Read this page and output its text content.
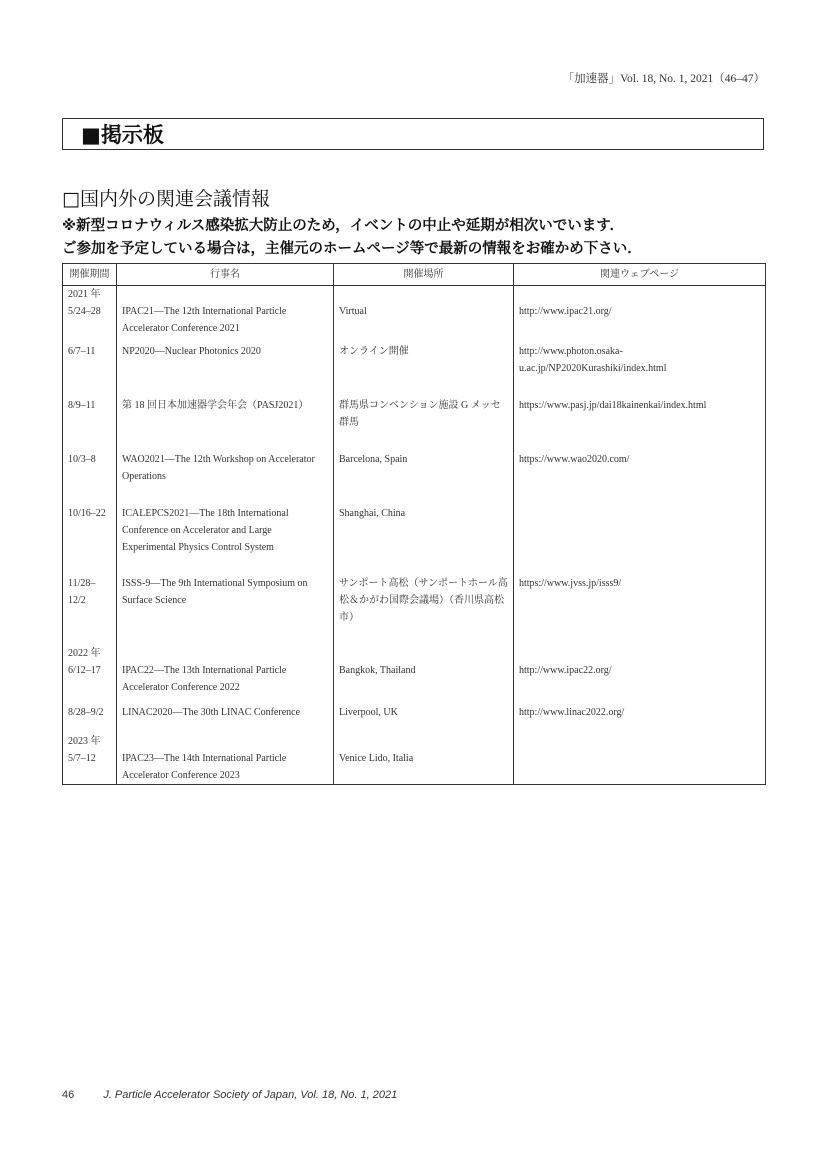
「加速器」Vol. 18, No. 1, 2021（46–47）
■掲示板
□国内外の関連会議情報
※新型コロナウィルス感染拡大防止のため，イベントの中止や延期が相次いでいます．
ご参加を予定している場合は，主催元のホームページ等で最新の情報をお確かめ下さい．
開催期間	行事名	開催場所	関連ウェブページ

2021 年
5/24–28	IPAC21—The 12th International Particle Accelerator Conference 2021	Virtual	http://www.ipac21.org/
6/7–11	NP2020—Nuclear Photonics 2020	オンライン開催	http://www.photon.osaka-u.ac.jp/NP2020Kurashiki/index.html
8/9–11	第 18 回日本加速器学会年会（PASJ2021）	群馬県コンベンション施設 G メッセ群馬	https://www.pasj.jp/dai18kainenkai/index.html
10/3–8	WAO2021—The 12th Workshop on Accelerator Operations	Barcelona, Spain	https://www.wao2020.com/
10/16–22	ICALEPCS2021—The 18th International Conference on Accelerator and Large Experimental Physics Control System	Shanghai, China	
11/28–12/2	ISSS-9—The 9th International Symposium on Surface Science	サンポート高松（サンポートホール高松＆かがわ国際会議場）（香川県高松市）	https://www.jvss.jp/isss9/

2022 年
6/12–17	IPAC22—The 13th International Particle Accelerator Conference 2022	Bangkok, Thailand	http://www.ipac22.org/
8/28–9/2	LINAC2020—The 30th LINAC Conference	Liverpool, UK	http://www.linac2022.org/

2023 年
5/7–12	IPAC23—The 14th International Particle Accelerator Conference 2023	Venice Lido, Italia	
46	J. Particle Accelerator Society of Japan, Vol. 18, No. 1, 2021
